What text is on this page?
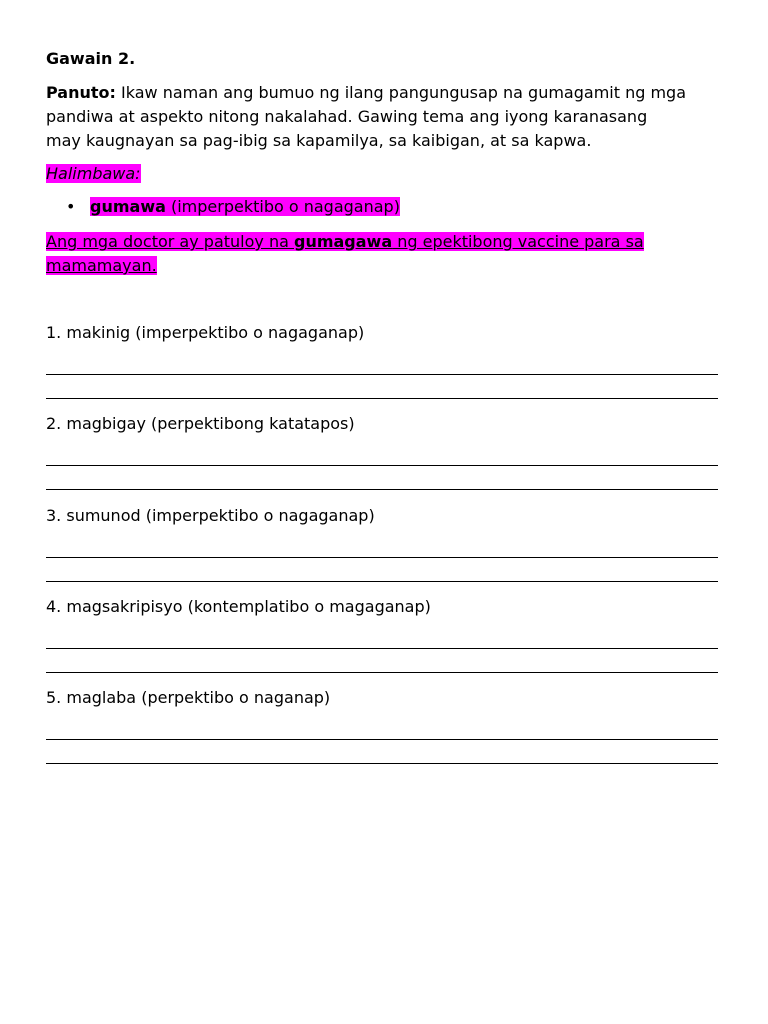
Gawain 2.
Panuto: Ikaw naman ang bumuo ng ilang pangungusap na gumagamit ng mga pandiwa at aspekto nitong nakalahad. Gawing tema ang iyong karanasang may kaugnayan sa pag-ibig sa kapamilya, sa kaibigan, at sa kapwa.
Halimbawa:
• gumawa (imperpektibo o nagaganap)
Ang mga doctor ay patuloy na gumagawa ng epektibong vaccine para sa mamamayan.

1. makinig (imperpektibo o nagaganap)

2. magbigay (perpektibong katatapos)

3. sumunod (imperpektibo o nagaganap)

4. magsakripisyo (kontemplatibo o magaganap)

5. maglaba (perpektibo o naganap)
